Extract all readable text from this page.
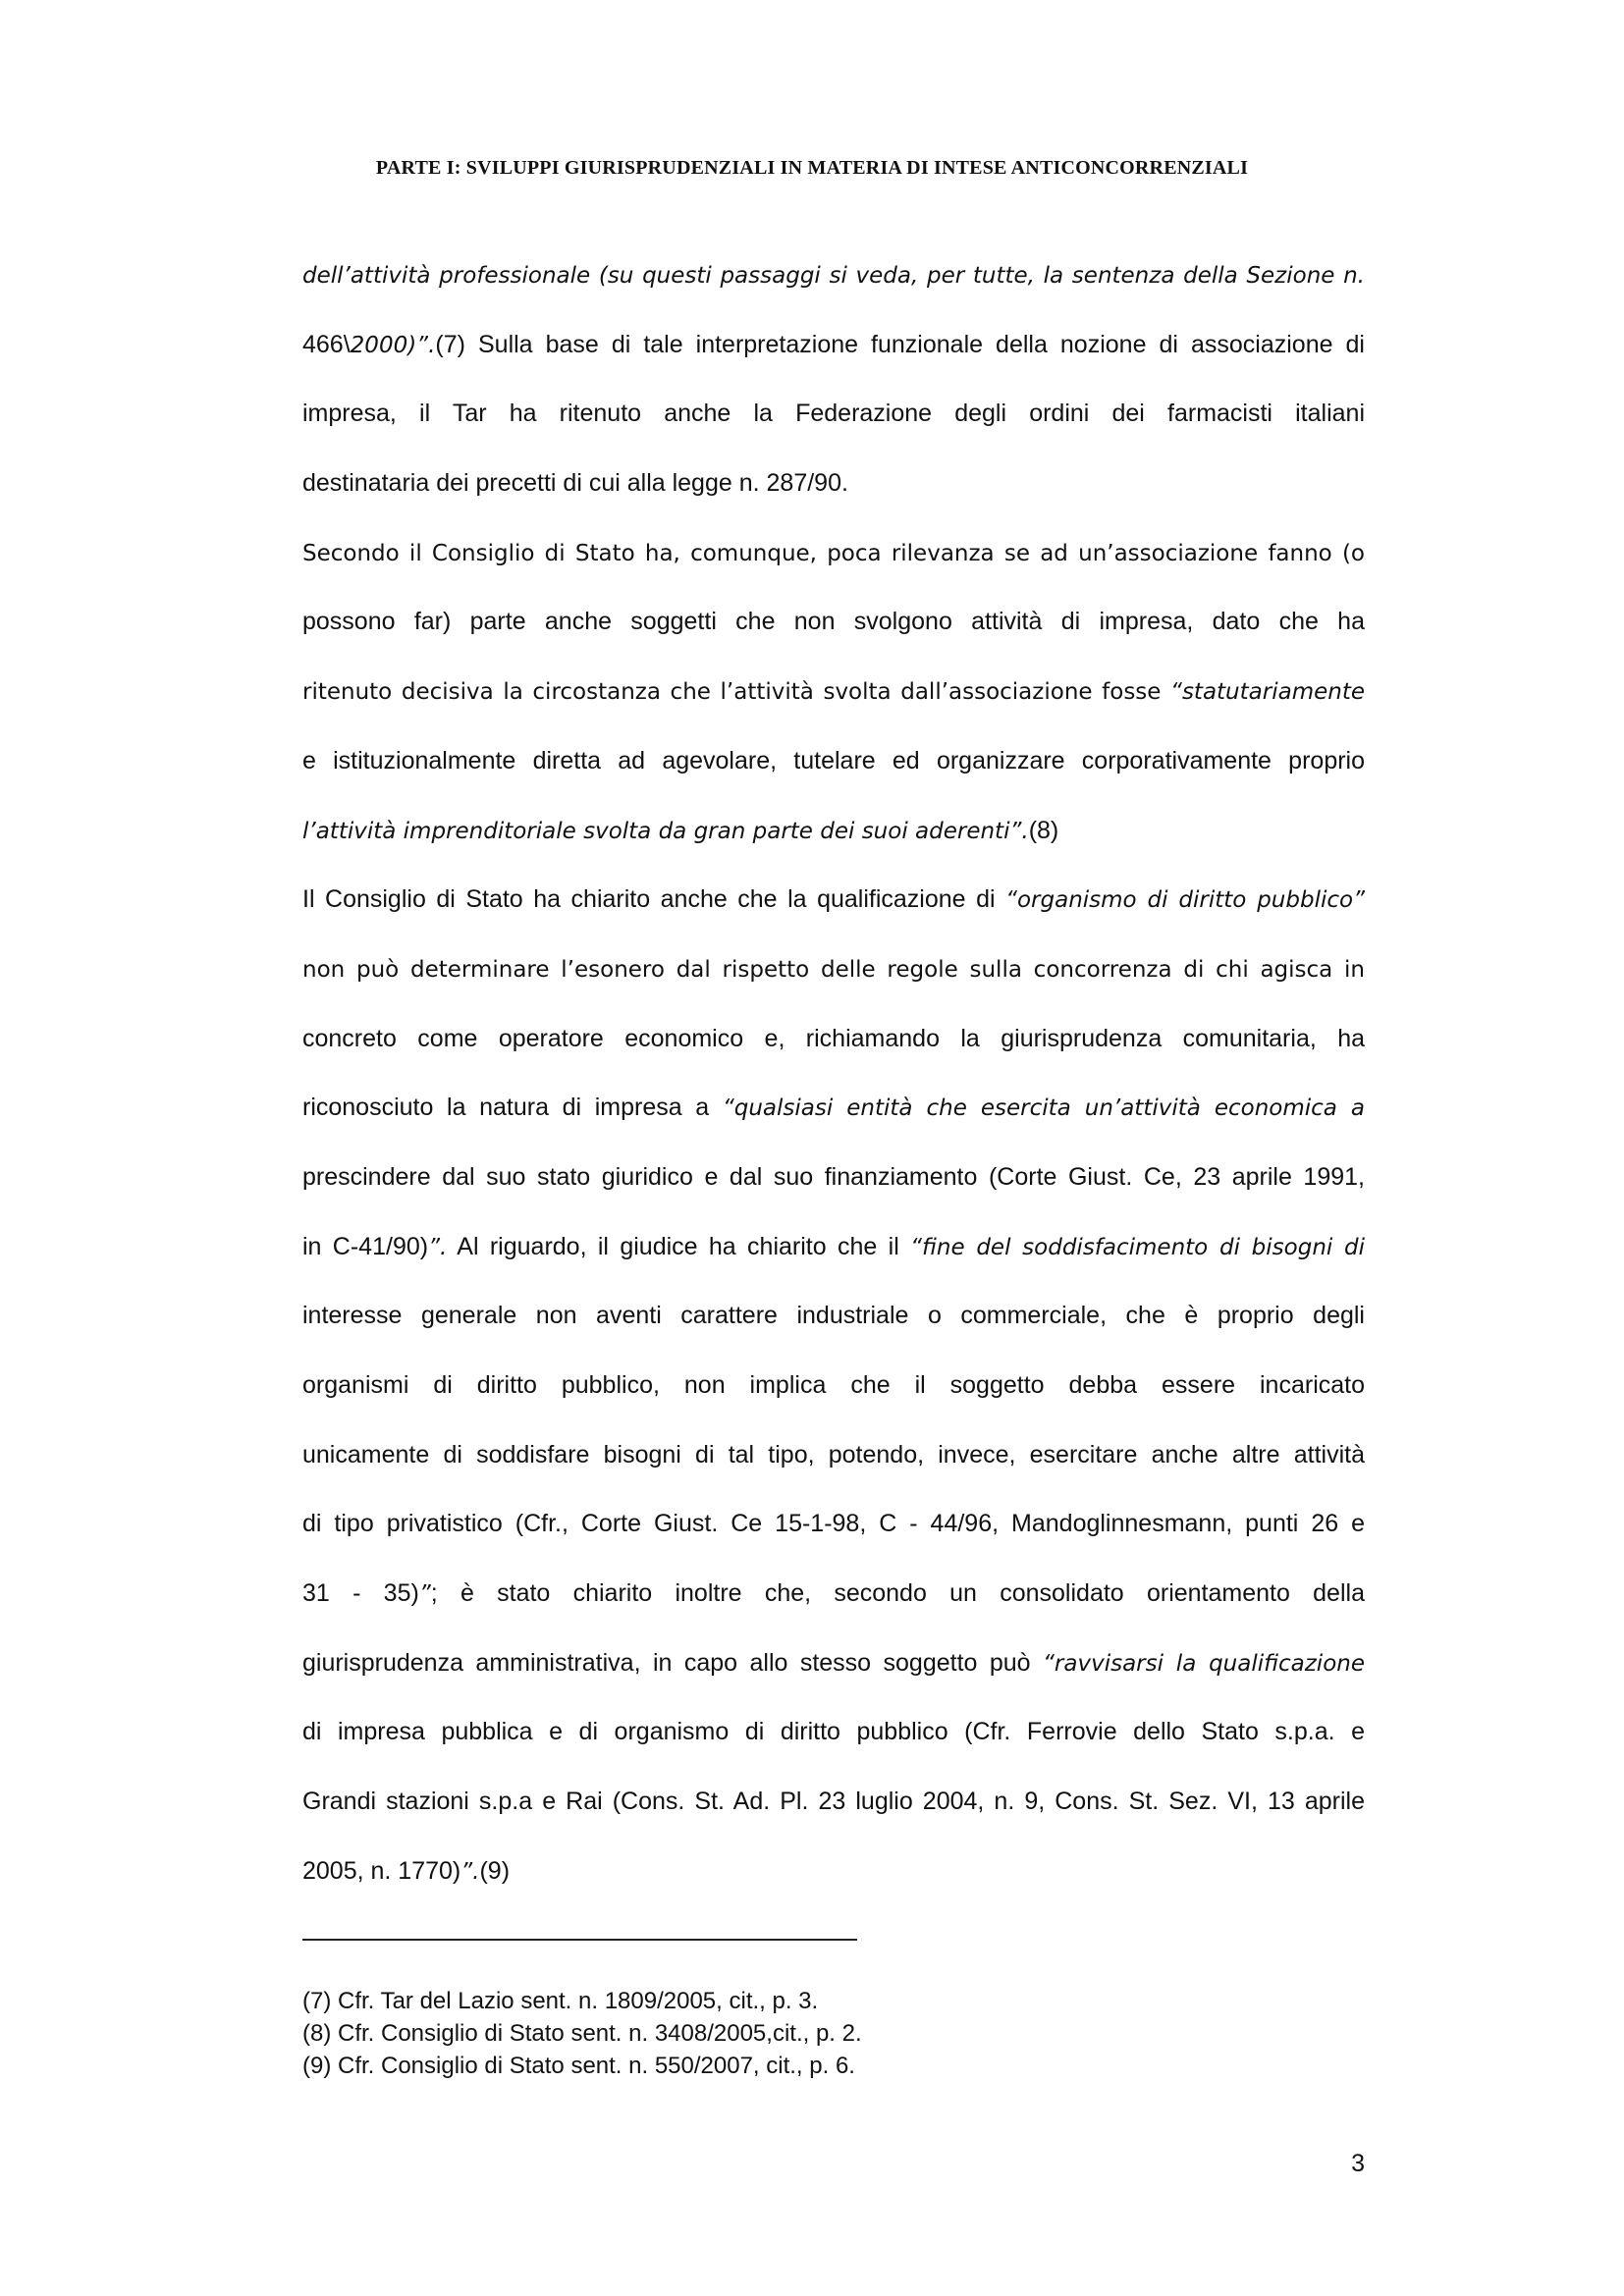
PARTE I: SVILUPPI GIURISPRUDENZIALI IN MATERIA DI INTESE ANTICONCORRENZIALI
dell’attività professionale (su questi passaggi si veda, per tutte, la sentenza della Sezione n.
466\2000)”.(7) Sulla base di tale interpretazione funzionale della nozione di associazione di
impresa, il Tar ha ritenuto anche la Federazione degli ordini dei farmacisti italiani
destinataria dei precetti di cui alla legge n. 287/90.
Secondo il Consiglio di Stato ha, comunque, poca rilevanza se ad un’associazione fanno (o
possono far) parte anche soggetti che non svolgono attività di impresa, dato che ha
ritenuto decisiva la circostanza che l’attività svolta dall’associazione fosse “statutariamente
e istituzionalmente diretta ad agevolare, tutelare ed organizzare corporativamente proprio
l’attività imprenditoriale svolta da gran parte dei suoi aderenti”.(8)
Il Consiglio di Stato ha chiarito anche che la qualificazione di “organismo di diritto pubblico”
non può determinare l’esonero dal rispetto delle regole sulla concorrenza di chi agisca in
concreto come operatore economico e, richiamando la giurisprudenza comunitaria, ha
riconosciuto la natura di impresa a “qualsiasi entità che esercita un’attività economica a
prescindere dal suo stato giuridico e dal suo finanziamento (Corte Giust. Ce, 23 aprile 1991,
in C-41/90)”. Al riguardo, il giudice ha chiarito che il “fine del soddisfacimento di bisogni di
interesse generale non aventi carattere industriale o commerciale, che è proprio degli
organismi di diritto pubblico, non implica che il soggetto debba essere incaricato
unicamente di soddisfare bisogni di tal tipo, potendo, invece, esercitare anche altre attività
di tipo privatistico (Cfr., Corte Giust. Ce 15-1-98, C - 44/96, Mandoglinnesmann, punti 26 e
31 - 35)”; è stato chiarito inoltre che, secondo un consolidato orientamento della
giurisprudenza amministrativa, in capo allo stesso soggetto può “ravvisarsi la qualificazione
di impresa pubblica e di organismo di diritto pubblico (Cfr. Ferrovie dello Stato s.p.a. e
Grandi stazioni s.p.a e Rai (Cons. St. Ad. Pl. 23 luglio 2004, n. 9, Cons. St. Sez. VI, 13 aprile
2005, n. 1770)”.(9)
(7) Cfr. Tar del Lazio sent. n. 1809/2005, cit., p. 3.
(8) Cfr. Consiglio di Stato sent. n. 3408/2005,cit., p. 2.
(9) Cfr. Consiglio di Stato sent. n. 550/2007, cit., p. 6.
3
